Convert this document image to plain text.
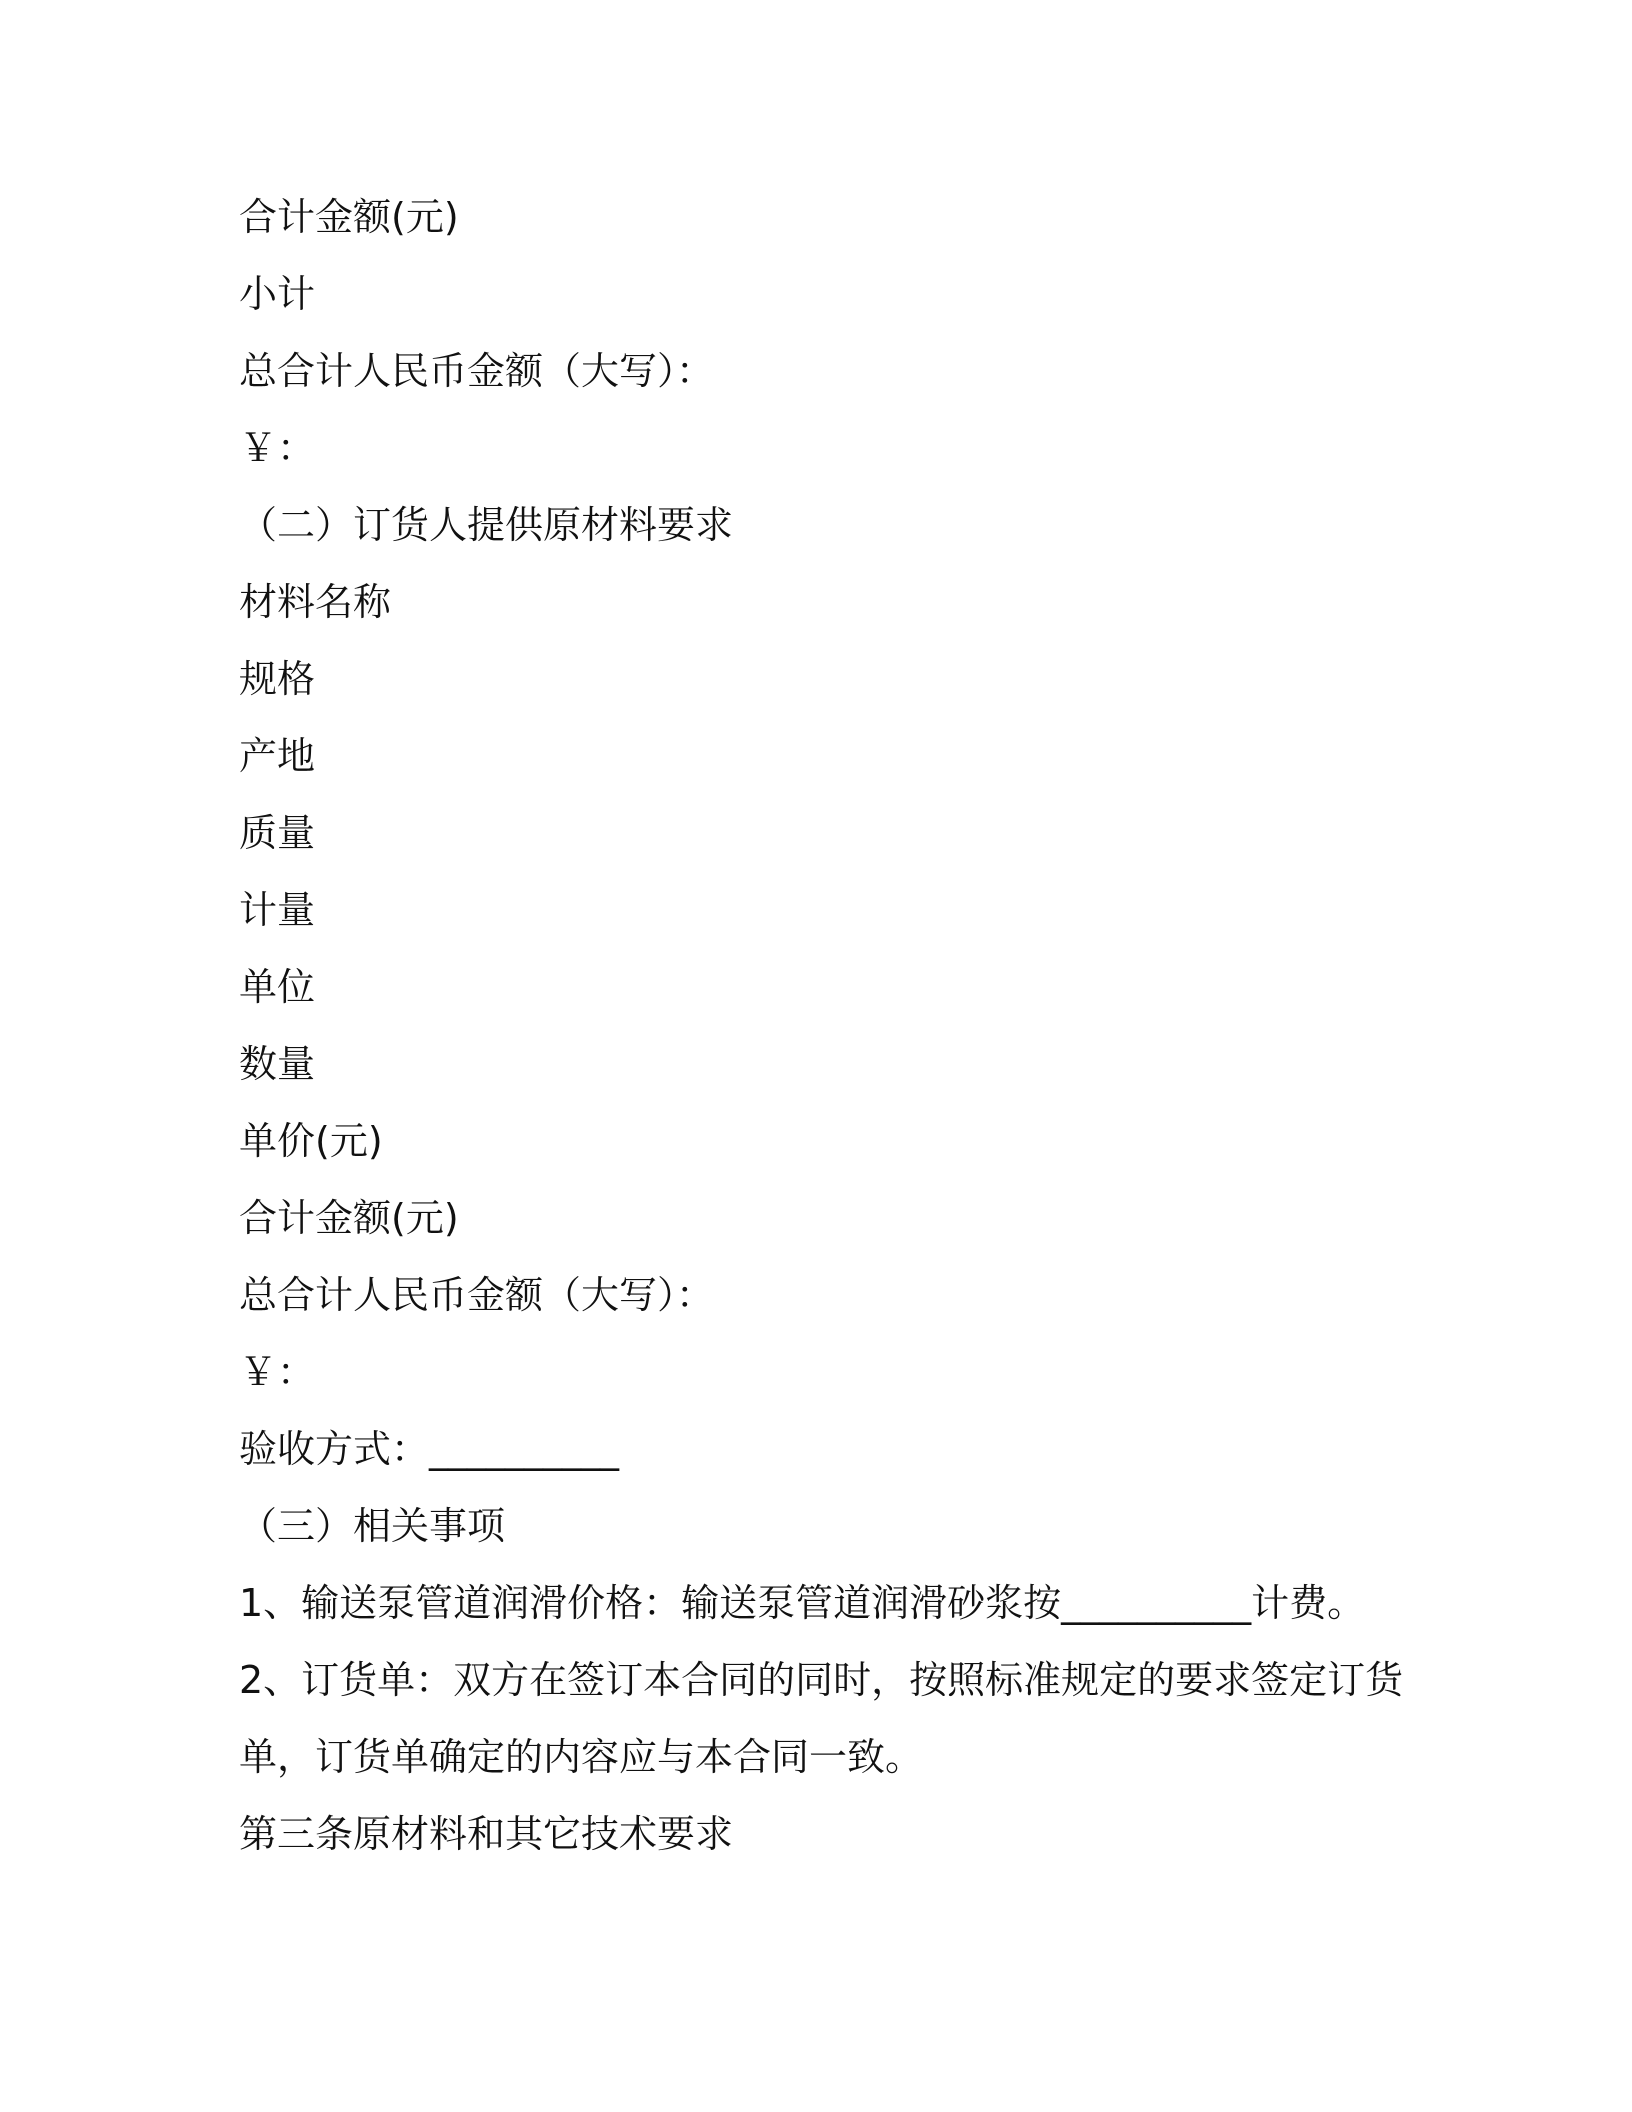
合计金额(元)
小计
总合计人民币金额（大写）：
￥：
（二）订货人提供原材料要求
材料名称
规格
产地
质量
计量
单位
数量
单价(元)
合计金额(元)
总合计人民币金额（大写）：
￥：
验收方式：__________
（三）相关事项
1、输送泵管道润滑价格：输送泵管道润滑砂浆按__________计费。
2、订货单：双方在签订本合同的同时，按照标准规定的要求签定订货
单，订货单确定的内容应与本合同一致。
第三条原材料和其它技术要求
